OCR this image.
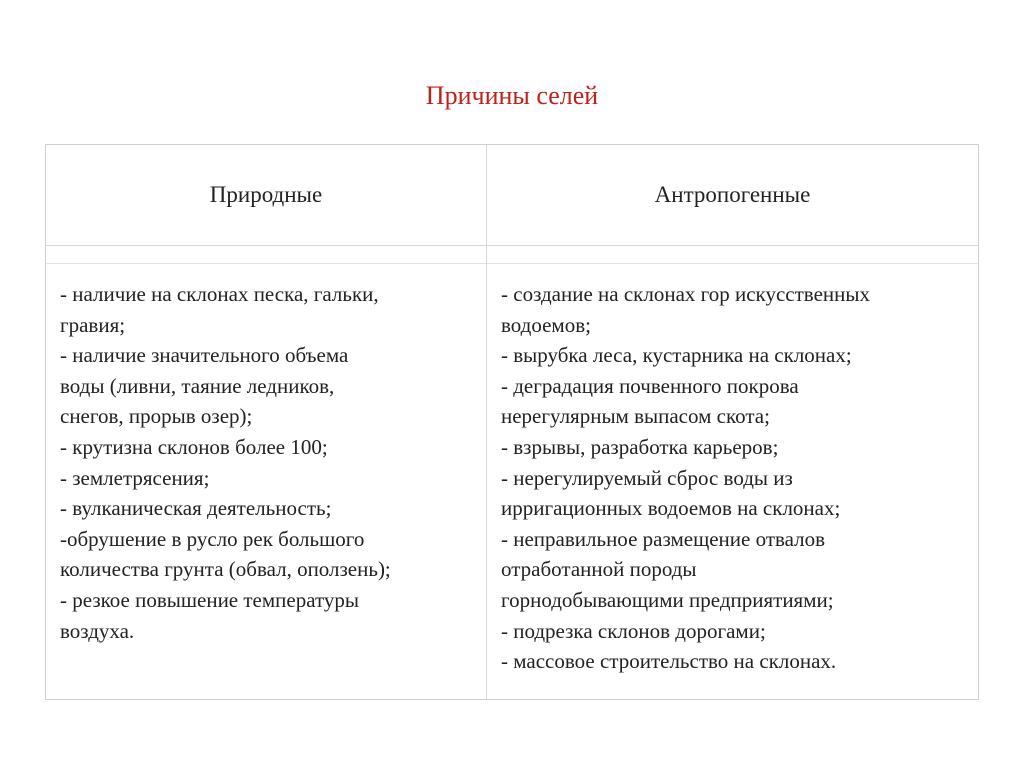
Причины селей
Природные	Антропогенные
- наличие на склонах песка, гальки,
гравия;
- наличие значительного объема
воды (ливни, таяние ледников,
снегов, прорыв озер);
- крутизна склонов более 100;
- землетрясения;
- вулканическая деятельность;
-обрушение в русло рек большого
количества грунта (обвал, оползень);
- резкое повышение температуры
воздуха.
- создание на склонах гор искусственных
водоемов;
- вырубка леса, кустарника на склонах;
- деградация почвенного покрова
нерегулярным выпасом скота;
- взрывы, разработка карьеров;
- нерегулируемый сброс воды из
ирригационных водоемов на склонах;
- неправильное размещение отвалов
отработанной породы
горнодобывающими предприятиями;
- подрезка склонов дорогами;
- массовое строительство на склонах.
